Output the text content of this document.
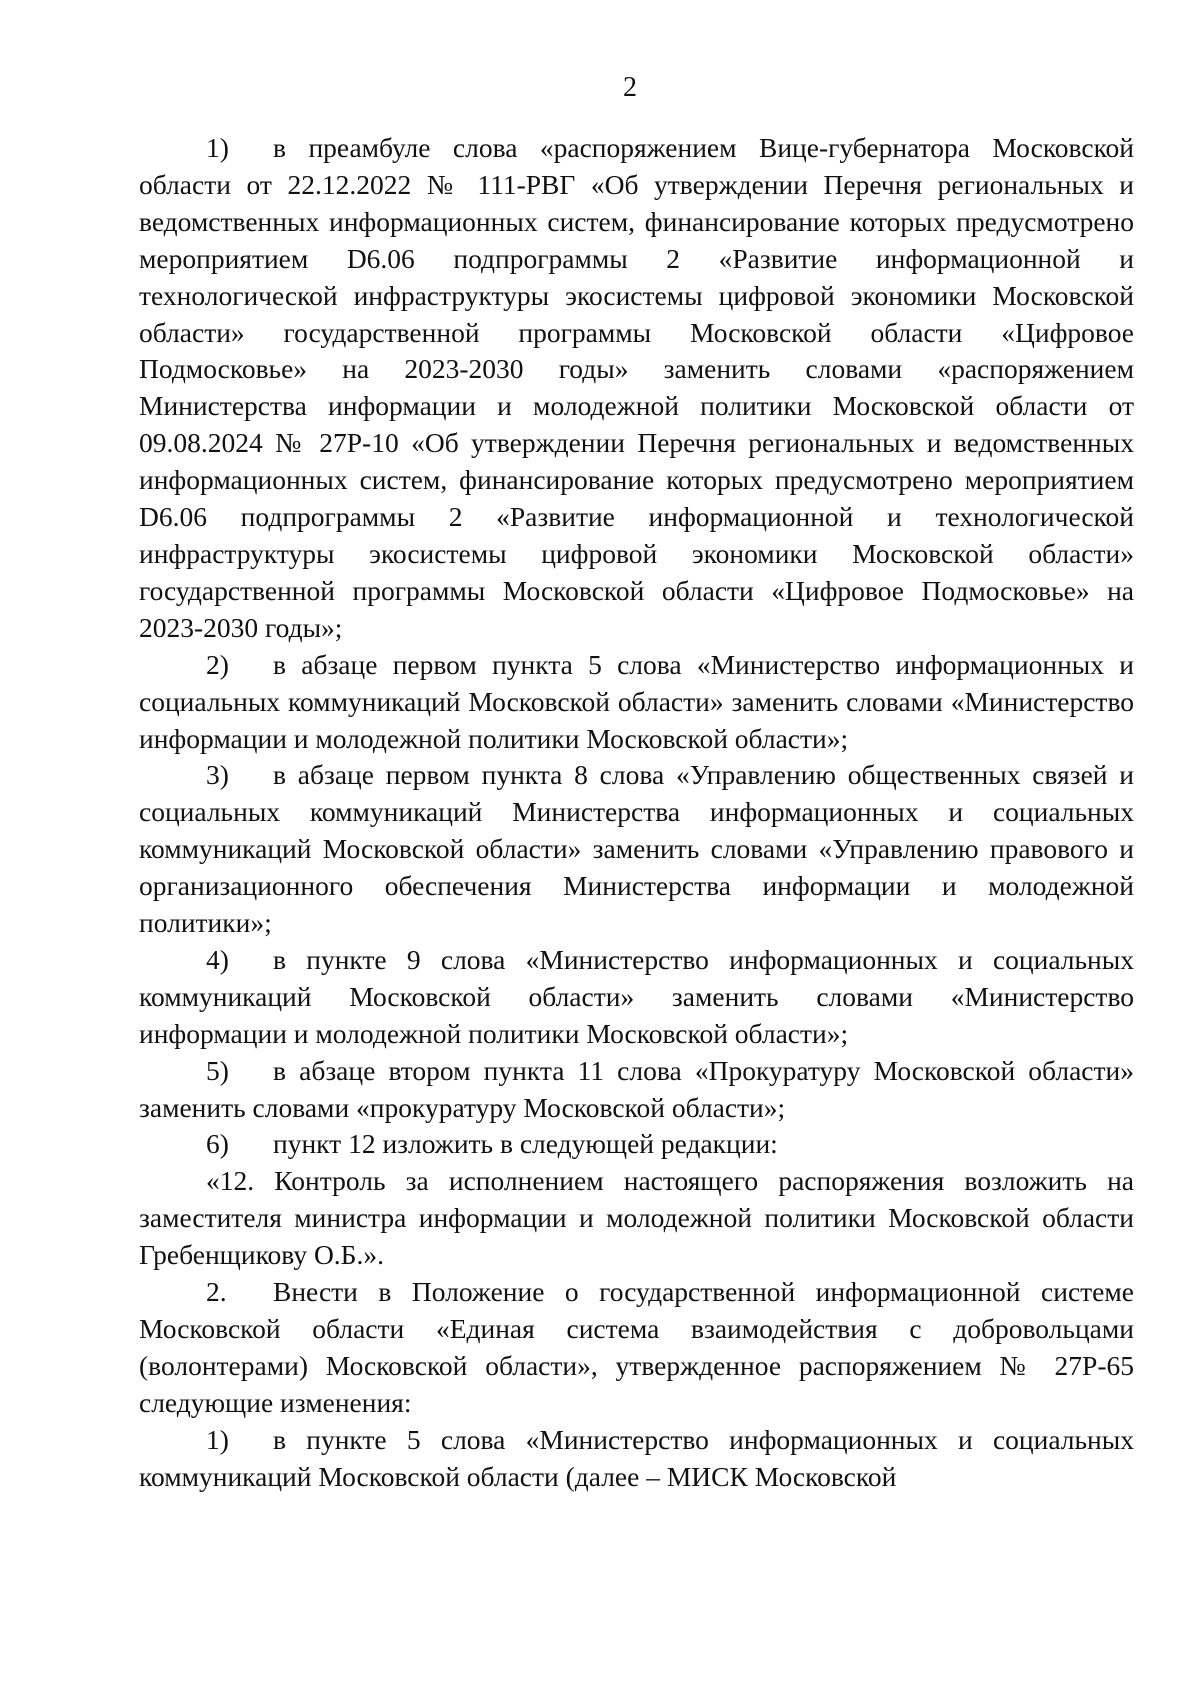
2

1) в преамбуле слова «распоряжением Вице-губернатора Московской области от 22.12.2022 № 111-РВГ «Об утверждении Перечня региональных и ведомственных информационных систем, финансирование которых предусмотрено мероприятием D6.06 подпрограммы 2 «Развитие информационной и технологической инфраструктуры экосистемы цифровой экономики Московской области» государственной программы Московской области «Цифровое Подмосковье» на 2023-2030 годы» заменить словами «распоряжением Министерства информации и молодежной политики Московской области от 09.08.2024 № 27Р-10 «Об утверждении Перечня региональных и ведомственных информационных систем, финансирование которых предусмотрено мероприятием D6.06 подпрограммы 2 «Развитие информационной и технологической инфраструктуры экосистемы цифровой экономики Московской области» государственной программы Московской области «Цифровое Подмосковье» на 2023-2030 годы»;

2) в абзаце первом пункта 5 слова «Министерство информационных и социальных коммуникаций Московской области» заменить словами «Министерство информации и молодежной политики Московской области»;

3) в абзаце первом пункта 8 слова «Управлению общественных связей и социальных коммуникаций Министерства информационных и социальных коммуникаций Московской области» заменить словами «Управлению правового и организационного обеспечения Министерства информации и молодежной политики»;

4) в пункте 9 слова «Министерство информационных и социальных коммуникаций Московской области» заменить словами «Министерство информации и молодежной политики Московской области»;

5) в абзаце втором пункта 11 слова «Прокуратуру Московской области» заменить словами «прокуратуру Московской области»;

6) пункт 12 изложить в следующей редакции:

«12. Контроль за исполнением настоящего распоряжения возложить на заместителя министра информации и молодежной политики Московской области Гребенщикову О.Б.».

2. Внести в Положение о государственной информационной системе Московской области «Единая система взаимодействия с добровольцами (волонтерами) Московской области», утвержденное распоряжением № 27Р-65 следующие изменения:

1) в пункте 5 слова «Министерство информационных и социальных коммуникаций Московской области (далее – МИСК Московской
